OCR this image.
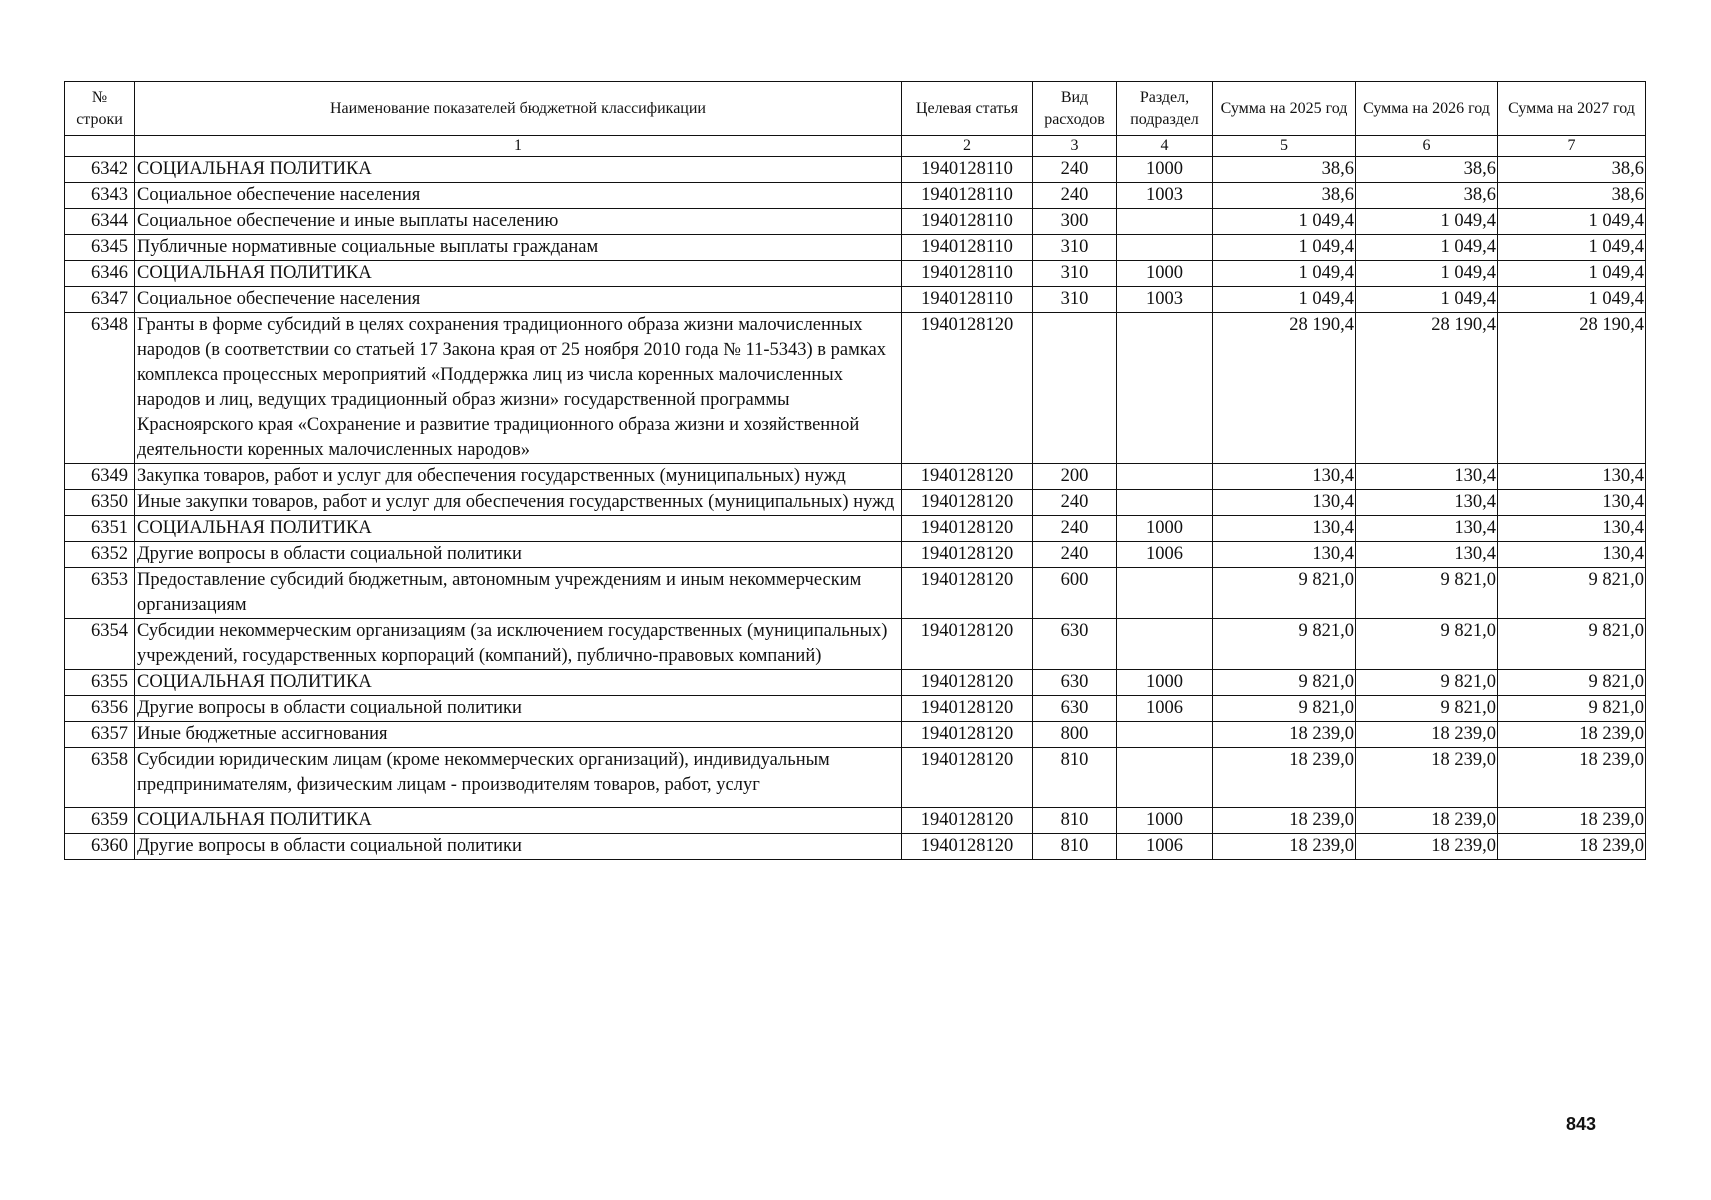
№ строки	Наименование показателей бюджетной классификации	Целевая статья	Вид расходов	Раздел, подраздел	Сумма на 2025 год	Сумма на 2026 год	Сумма на 2027 год
	1	2	3	4	5	6	7
6342	СОЦИАЛЬНАЯ ПОЛИТИКА	1940128110	240	1000	38,6	38,6	38,6
6343	Социальное обеспечение населения	1940128110	240	1003	38,6	38,6	38,6
6344	Социальное обеспечение и иные выплаты населению	1940128110	300		1 049,4	1 049,4	1 049,4
6345	Публичные нормативные социальные выплаты гражданам	1940128110	310		1 049,4	1 049,4	1 049,4
6346	СОЦИАЛЬНАЯ ПОЛИТИКА	1940128110	310	1000	1 049,4	1 049,4	1 049,4
6347	Социальное обеспечение населения	1940128110	310	1003	1 049,4	1 049,4	1 049,4
6348	Гранты в форме субсидий в целях сохранения традиционного образа жизни малочисленных народов (в соответствии со статьей 17 Закона края от 25 ноября 2010 года № 11-5343) в рамках комплекса процессных мероприятий «Поддержка лиц из числа коренных малочисленных народов и лиц, ведущих традиционный образ жизни» государственной программы Красноярского края «Сохранение и развитие традиционного образа жизни и хозяйственной деятельности коренных малочисленных народов»	1940128120			28 190,4	28 190,4	28 190,4
6349	Закупка товаров, работ и услуг для обеспечения государственных (муниципальных) нужд	1940128120	200		130,4	130,4	130,4
6350	Иные закупки товаров, работ и услуг для обеспечения государственных (муниципальных) нужд	1940128120	240		130,4	130,4	130,4
6351	СОЦИАЛЬНАЯ ПОЛИТИКА	1940128120	240	1000	130,4	130,4	130,4
6352	Другие вопросы в области социальной политики	1940128120	240	1006	130,4	130,4	130,4
6353	Предоставление субсидий бюджетным, автономным учреждениям и иным некоммерческим организациям	1940128120	600		9 821,0	9 821,0	9 821,0
6354	Субсидии некоммерческим организациям (за исключением государственных (муниципальных) учреждений, государственных корпораций (компаний), публично-правовых компаний)	1940128120	630		9 821,0	9 821,0	9 821,0
6355	СОЦИАЛЬНАЯ ПОЛИТИКА	1940128120	630	1000	9 821,0	9 821,0	9 821,0
6356	Другие вопросы в области социальной политики	1940128120	630	1006	9 821,0	9 821,0	9 821,0
6357	Иные бюджетные ассигнования	1940128120	800		18 239,0	18 239,0	18 239,0
6358	Субсидии юридическим лицам (кроме некоммерческих организаций), индивидуальным предпринимателям, физическим лицам - производителям товаров, работ, услуг	1940128120	810		18 239,0	18 239,0	18 239,0
6359	СОЦИАЛЬНАЯ ПОЛИТИКА	1940128120	810	1000	18 239,0	18 239,0	18 239,0
6360	Другие вопросы в области социальной политики	1940128120	810	1006	18 239,0	18 239,0	18 239,0
843
